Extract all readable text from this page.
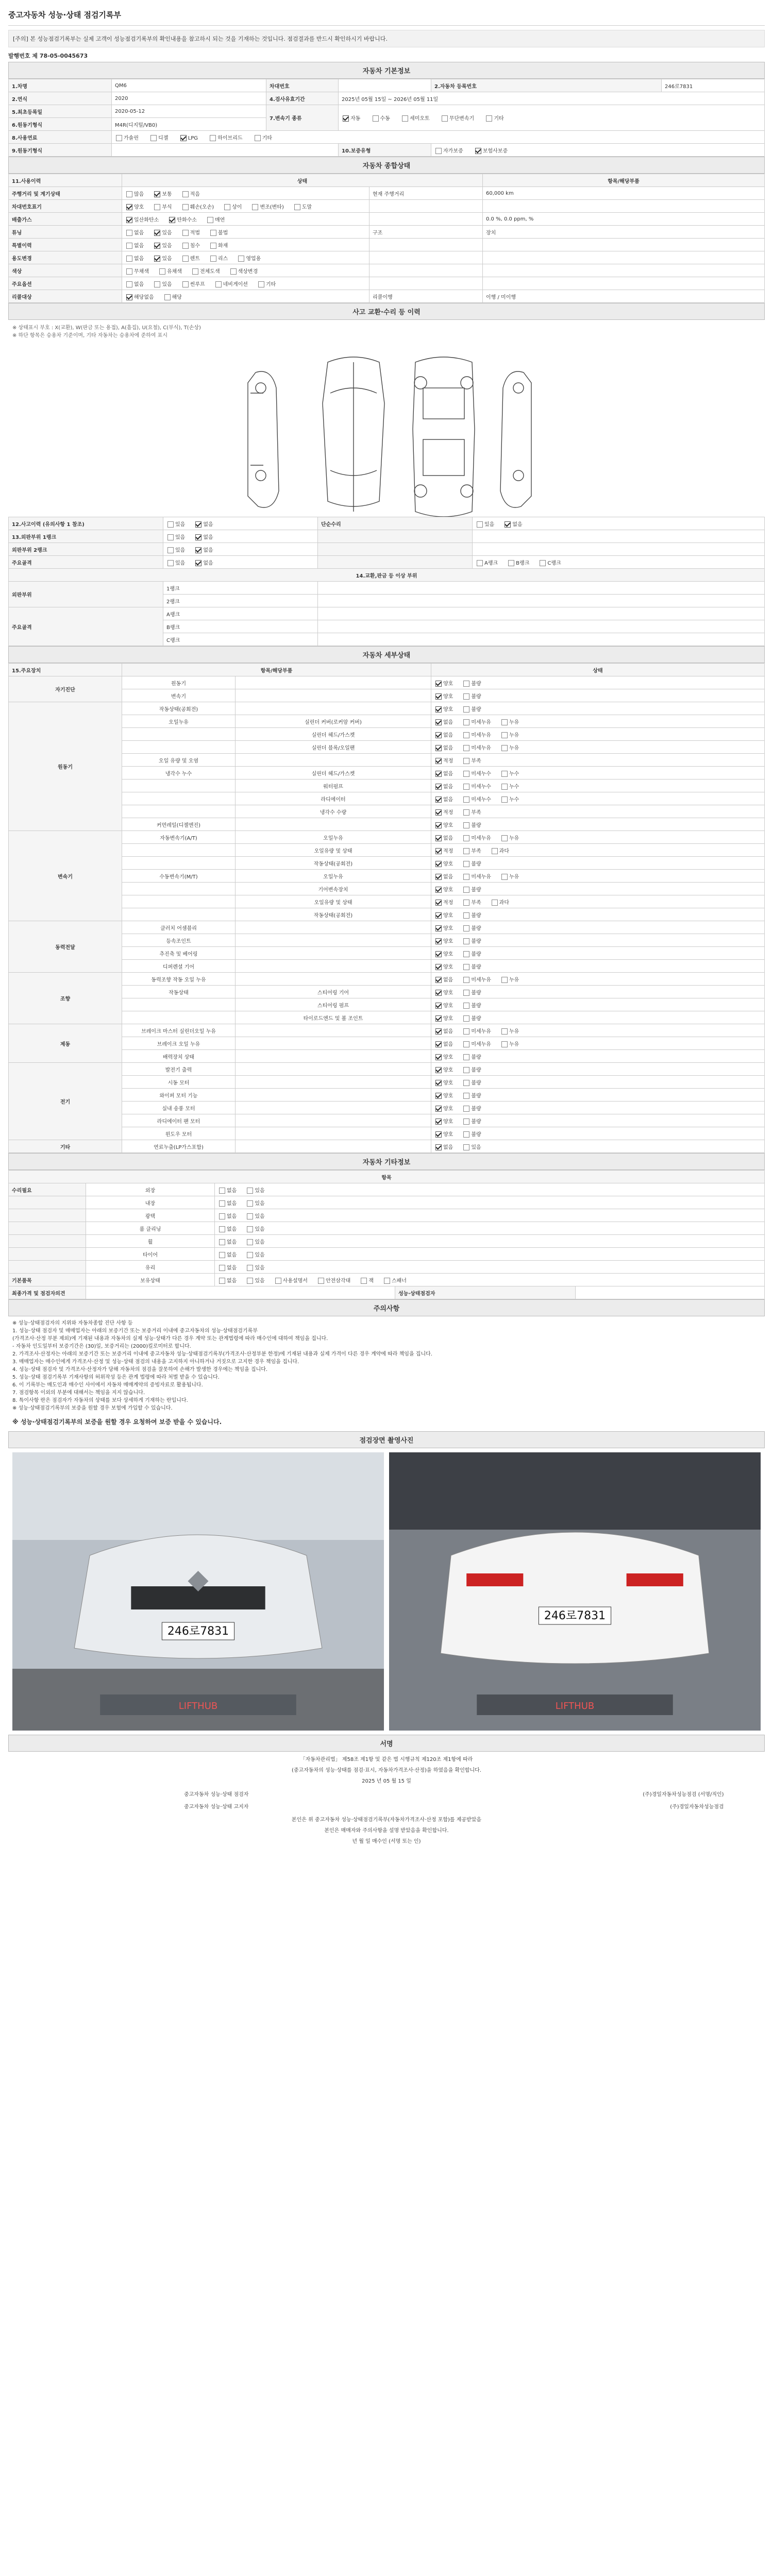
중고자동차 성능·상태 점검기록부
[주의] 본 성능점검기록부는 실제 고객이 성능점검기록부의 확인내용을 참고하시 되는 것을 기재하는 것입니다. 점검결과를 반드시 확인하시기 바랍니다.
발행번호 제 78-05-0045673
자동차 기본정보
1.차명	QM6	차대번호		2.자동차 등록번호	246로7831
2.연식	2020	4.검사유효기간	2025년 05월 15일 ~ 2026년 05월 11일		
5.최초등록일	2020-05-12	7.변속기 종류	자동 수동 세미오토 무단변속기 기타		
6.원동기형식	M4R(디지털/VB0)				
8.사용연료	가솔린 디젤 LPG 하이브리드 기타				
9.원동기형식			10.보증유형	자가보증 보험사보증	
자동차 종합상태
11.사용이력	상태		항목/해당부품
주행거리 및 계기상태	많음 보통 적음	현재 주행거리	60,000 km
차대번호표기	양호 부식 훼손(오손) 상이 변조(변타) 도말		
배출가스	일산화탄소 탄화수소 매연		0.0 %, 0.0 ppm, %
튜닝	없음 있음 적법 불법	구조	장치
특별이력	없음 있음 침수 화재		
용도변경	없음 있음 렌트 리스 영업용		
색상	무채색 유채색 전체도색 색상변경		
주요옵션	없음 있음 썬루프 네비게이션 기타		
리콜대상	해당없음 해당	리콜이행	이행 / 미이행
사고 교환·수리 등 이력
※ 상태표시 부호 : X(교환), W(판금 또는 용접), A(흠집), U(요철), C(부식), T(손상)
※ 하단 항목은 승용차 기준이며, 기타 자동차는 승용차에 준하여 표시
12.사고이력 (유의사항 1 참조)	있음 없음	단순수리	있음 없음
13.외판부위 1랭크	있음 없음		
외판부위 2랭크	있음 없음		
주요골격	있음 없음		A랭크 B랭크 C랭크
14.교환,판금 등 이상 부위			
외판부위	1랭크		
	2랭크		
주요골격	A랭크		
	B랭크		
	C랭크		
자동차 세부상태
15.주요장치	항목/해당부품		상태
자기진단	원동기		양호 불량
	변속기		양호 불량
원동기	작동상태(공회전)		양호 불량
	오일누유	실린더 커버(로커암 커버)	없음 미세누유 누유
		실린더 헤드/가스켓	없음 미세누유 누유
		실린더 블록/오일팬	없음 미세누유 누유
	오일 유량 및 오염		적정 부족
	냉각수 누수	실린더 헤드/가스켓	없음 미세누수 누수
		워터펌프	없음 미세누수 누수
		라디에이터	없음 미세누수 누수
		냉각수 수량	적정 부족
	커먼레일(디젤엔진)		양호 불량
변속기	자동변속기(A/T)	오일누유	없음 미세누유 누유
		오일유량 및 상태	적정 부족 과다
		작동상태(공회전)	양호 불량
	수동변속기(M/T)	오일누유	없음 미세누유 누유
		기어변속장치	양호 불량
		오일유량 및 상태	적정 부족 과다
		작동상태(공회전)	양호 불량
동력전달	클러치 어셈블리		양호 불량
	등속조인트		양호 불량
	추진축 및 베어링		양호 불량
	디퍼렌셜 기어		양호 불량
조향	동력조향 작동 오일 누유		없음 미세누유 누유
	작동상태	스티어링 기어	양호 불량
		스티어링 펌프	양호 불량
		타이로드엔드 및 볼 조인트	양호 불량
제동	브레이크 마스터 실린더오일 누유		없음 미세누유 누유
	브레이크 오일 누유		없음 미세누유 누유
	배력장치 상태		양호 불량
전기	발전기 출력		양호 불량
	시동 모터		양호 불량
	와이퍼 모터 기능		양호 불량
	실내 송풍 모터		양호 불량
	라디에이터 팬 모터		양호 불량
	윈도우 모터		양호 불량
기타	연료누출(LP가스포함)		없음 있음
자동차 기타정보
항목				
수리필요	외장	없음 있음		
	내장	없음 있음		
	광택	없음 있음		
	룸 클리닝	없음 있음		
	휠	없음 있음		
	타이어	없음 있음		
	유리	없음 있음		
기본품목	보유상태	없음 있음 사용설명서 안전삼각대 잭 스패너		
최종가격 및 점검자의견			성능·상태점검자	
주의사항
※ 성능·상태점검자의 지위와 자동차종합 진단 사항 등
1. 성능·상태 점검자 및 매매업자는 아래의 보증기간 또는 보증거리 이내에 중고자동차의 성능·상태점검기록부
(가격조사·산정 부분 제외)에 기재된 내용과 자동차의 실제 성능·상태가 다른 경우 계약 또는 관계법령에 따라 매수인에 대하여 책임을 집니다.
- 자동차 인도일부터 보증기간은 (30)일, 보증거리는 (2000)킬로미터로 합니다.
2. 가격조사·산정자는 아래의 보증기간 또는 보증거리 이내에 중고자동차 성능·상태점검기록부(가격조사·산정부분 한정)에 기재된 내용과 실제 가격이 다른 경우 계약에 따라 책임을 집니다.
3. 매매업자는 매수인에게 가격조사·산정 및 성능·상태 점검의 내용을 고지하지 아니하거나 거짓으로 고지한 경우 책임을 집니다.
4. 성능·상태 점검자 및 가격조사·산정자가 당해 자동차의 점검을 잘못하여 손해가 발생한 경우에는 책임을 집니다.
5. 성능·상태 점검기록부 기재사항의 허위작성 등은 관계 법령에 따라 처벌 받을 수 있습니다.
6. 이 기록부는 매도인과 매수인 사이에서 자동차 매매계약의 증빙자료로 활용됩니다.
7. 점검항목 이외의 부분에 대해서는 책임을 지지 않습니다.
8. 특이사항 란은 점검자가 자동차의 상태를 보다 상세하게 기재하는 란입니다.
※ 성능·상태점검기록부의 보증을 원할 경우 보험에 가입할 수 있습니다.
※ 성능·상태점검기록부의 보증을 원할 경우 요청하여 보증 받을 수 있습니다.
점검장면 촬영사진
246로7831
LIFTHUB
246로7831
LIFTHUB
서명

「자동차관리법」 제58조 제1항 및 같은 법 시행규칙 제120조 제1항에 따라

(중고자동차의 성능·상태를 점검·표시, 자동차가격조사·산정)을 하였음을 확인합니다.

2025 년 05 월 15 일

중고자동차 성능·상태 점검자	(주)경일자동차성능점검 (서명/직인)
중고자동차 성능·상태 고지자	(주)경일자동차성능점검

본인은 위 중고자동차 성능·상태점검기록부(자동차가격조사·산정 포함)를 제공받았음

본인은 매매자와 주의사항을 설명 받았음을 확인합니다.

년 월 일 매수인 (서명 또는 인)
